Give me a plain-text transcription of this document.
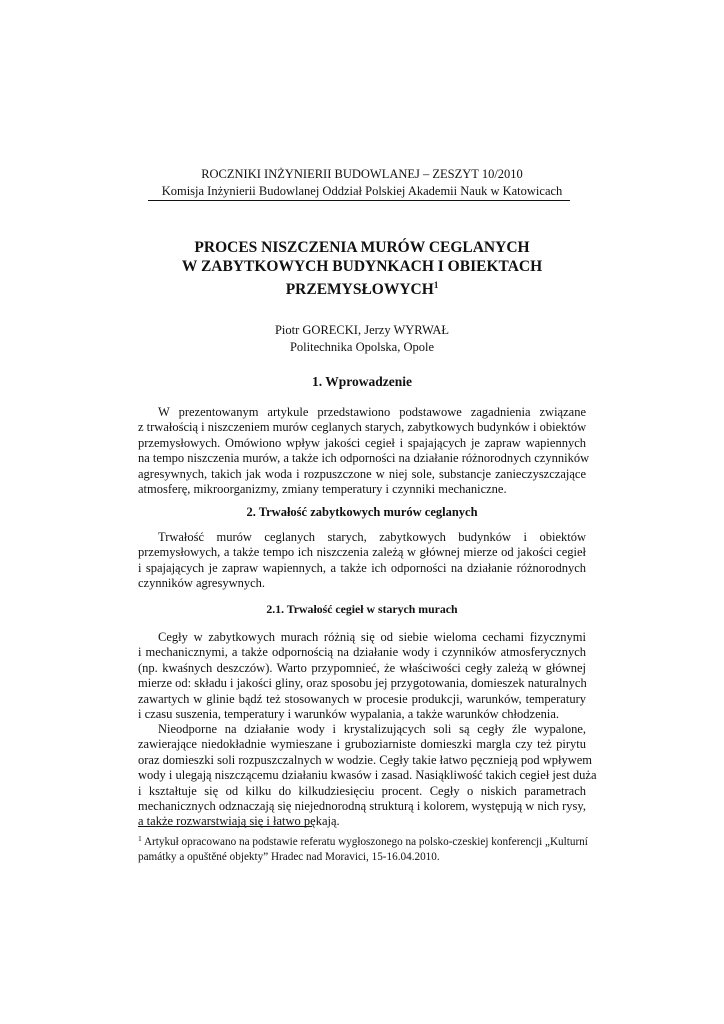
ROCZNIKI INŻYNIERII BUDOWLANEJ – ZESZYT 10/2010
Komisja Inżynierii Budowlanej Oddział Polskiej Akademii Nauk w Katowicach
PROCES NISZCZENIA MURÓW CEGLANYCH
W ZABYTKOWYCH BUDYNKACH I OBIEKTACH
PRZEMYSŁOWYCH$^1$
Piotr GORECKI, Jerzy WYRWAŁ
Politechnika Opolska, Opole
1. Wprowadzenie
W prezentowanym artykule przedstawiono podstawowe zagadnienia związane
z trwałością i niszczeniem murów ceglanych starych, zabytkowych budynków i obiektów
przemysłowych. Omówiono wpływ jakości cegieł i spajających je zapraw wapiennych
na tempo niszczenia murów, a także ich odporności na działanie różnorodnych czynników
agresywnych, takich jak woda i rozpuszczone w niej sole, substancje zanieczyszczające
atmosferę, mikroorganizmy, zmiany temperatury i czynniki mechaniczne.
2. Trwałość zabytkowych murów ceglanych
Trwałość murów ceglanych starych, zabytkowych budynków i obiektów
przemysłowych, a także tempo ich niszczenia zależą w głównej mierze od jakości cegieł
i spajających je zapraw wapiennych, a także ich odporności na działanie różnorodnych
czynników agresywnych.
2.1. Trwałość cegieł w starych murach
Cegły w zabytkowych murach różnią się od siebie wieloma cechami fizycznymi
i mechanicznymi, a także odpornością na działanie wody i czynników atmosferycznych
(np. kwaśnych deszczów). Warto przypomnieć, że właściwości cegły zależą w głównej
mierze od: składu i jakości gliny, oraz sposobu jej przygotowania, domieszek naturalnych
zawartych w glinie bądź też stosowanych w procesie produkcji, warunków, temperatury
i czasu suszenia, temperatury i warunków wypalania, a także warunków chłodzenia.
Nieodporne na działanie wody i krystalizujących soli są cegły źle wypalone,
zawierające niedokładnie wymieszane i gruboziarniste domieszki margla czy też pirytu
oraz domieszki soli rozpuszczalnych w wodzie. Cegły takie łatwo pęcznieją pod wpływem
wody i ulegają niszczącemu działaniu kwasów i zasad. Nasiąkliwość takich cegieł jest duża
i kształtuje się od kilku do kilkudziesięciu procent. Cegły o niskich parametrach
mechanicznych odznaczają się niejednorodną strukturą i kolorem, występują w nich rysy,
a także rozwarstwiają się i łatwo pękają.
$^1$ Artykuł opracowano na podstawie referatu wygłoszonego na polsko-czeskiej konferencji „Kulturní
památky a opuštěné objekty” Hradec nad Moravici, 15-16.04.2010.
